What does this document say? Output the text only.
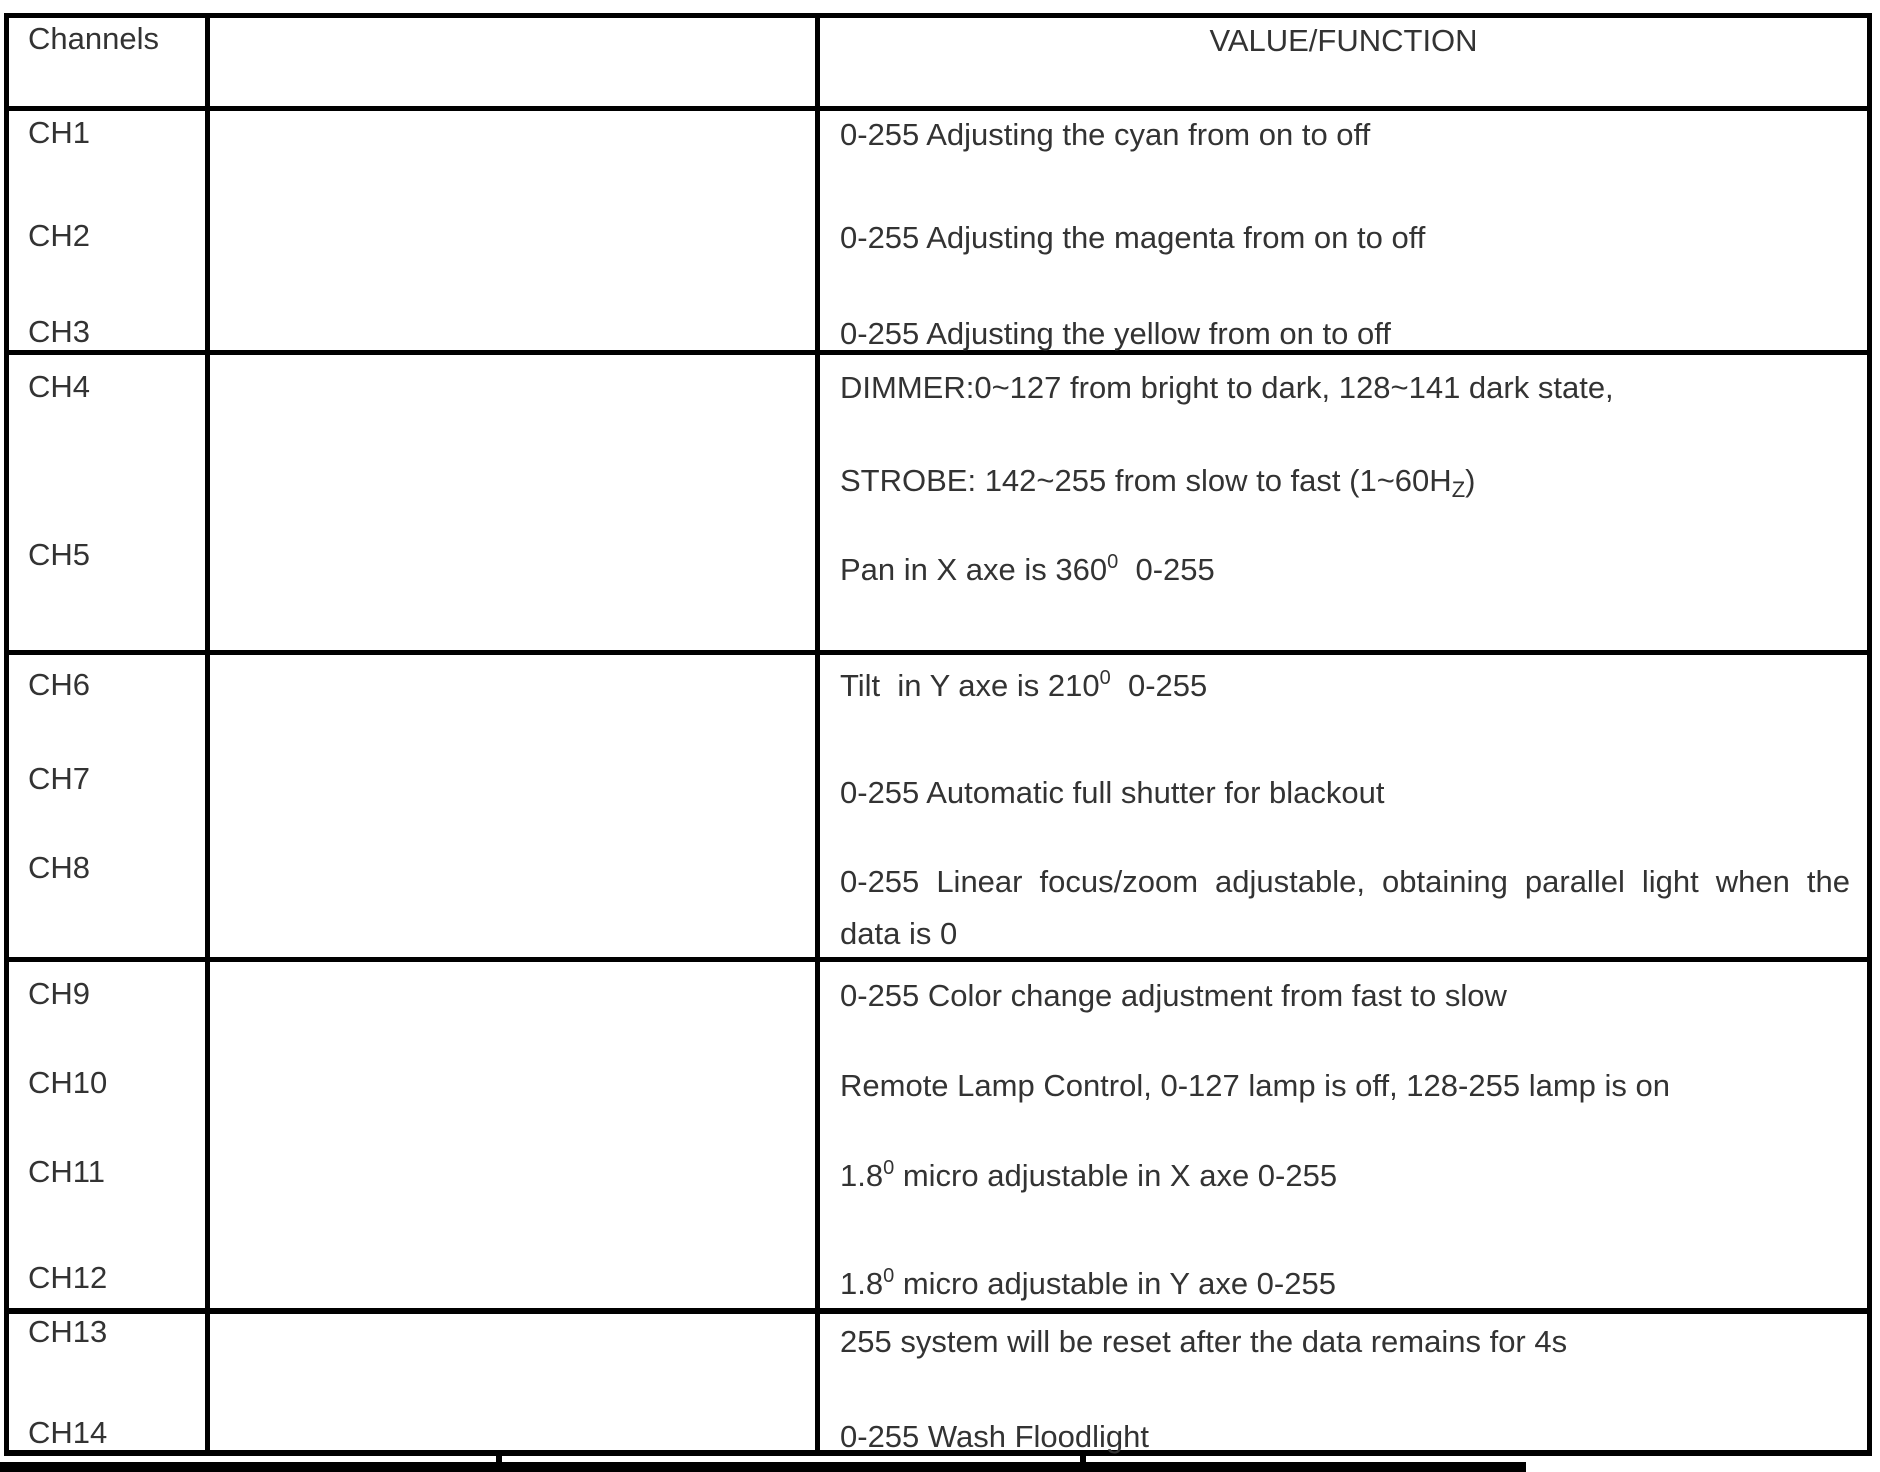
Channels	VALUE/FUNCTION
CH1
CH2
CH3
CH4
CH5
CH6
CH7
CH8
CH9
CH10
CH11
CH12
CH13
CH14
0-255 Adjusting the cyan from on to off
0-255 Adjusting the magenta from on to off
0-255 Adjusting the yellow from on to off
DIMMER:0~127 from bright to dark, 128~141 dark state,
STROBE: 142~255 from slow to fast $(1\sim 60H_Z)$
Pan in X axe is $360^0$  0-255
Tilt  in Y axe is $210^0$  0-255
0-255 Automatic full shutter for blackout
0-255 Linear focus/zoom adjustable, obtaining parallel light when the
data is 0
0-255 Color change adjustment from fast to slow
Remote Lamp Control, 0-127 lamp is off, 128-255 lamp is on
$1.8^0$ micro adjustable in X axe 0-255
$1.8^0$ micro adjustable in Y axe 0-255
255 system will be reset after the data remains for 4s
0-255 Wash Floodlight
